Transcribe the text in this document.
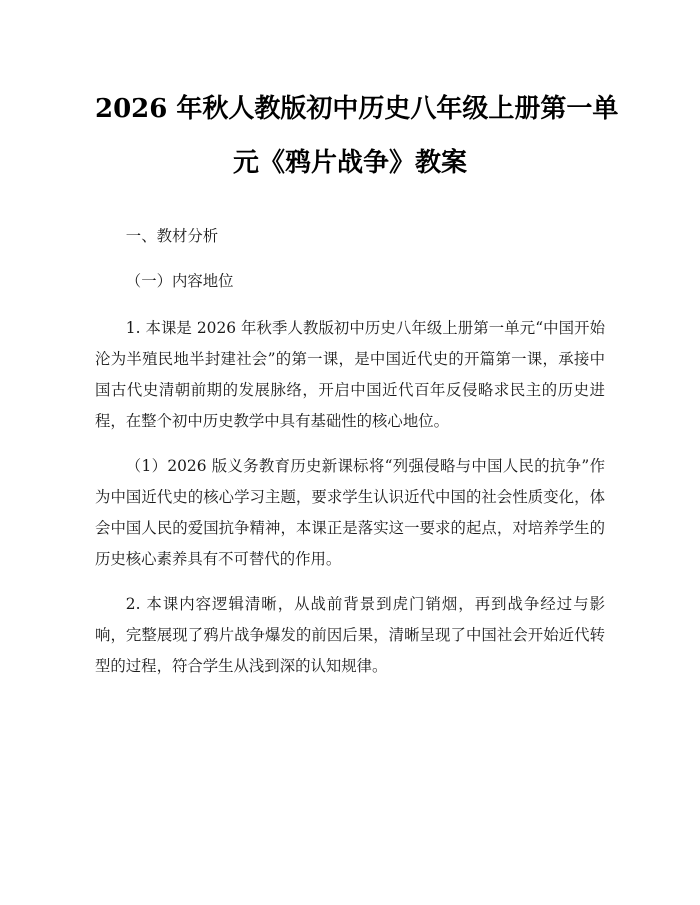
2026 年秋人教版初中历史八年级上册第一单
元《鸦片战争》教案

一、教材分析

（一）内容地位

1. 本课是 2026 年秋季人教版初中历史八年级上册第一单元“中国开始沦为半殖民地半封建社会”的第一课，是中国近代史的开篇第一课，承接中国古代史清朝前期的发展脉络，开启中国近代百年反侵略求民主的历史进程，在整个初中历史教学中具有基础性的核心地位。

（1）2026 版义务教育历史新课标将“列强侵略与中国人民的抗争”作为中国近代史的核心学习主题，要求学生认识近代中国的社会性质变化，体会中国人民的爱国抗争精神，本课正是落实这一要求的起点，对培养学生的历史核心素养具有不可替代的作用。

2. 本课内容逻辑清晰，从战前背景到虎门销烟，再到战争经过与影响，完整展现了鸦片战争爆发的前因后果，清晰呈现了中国社会开始近代转型的过程，符合学生从浅到深的认知规律。
